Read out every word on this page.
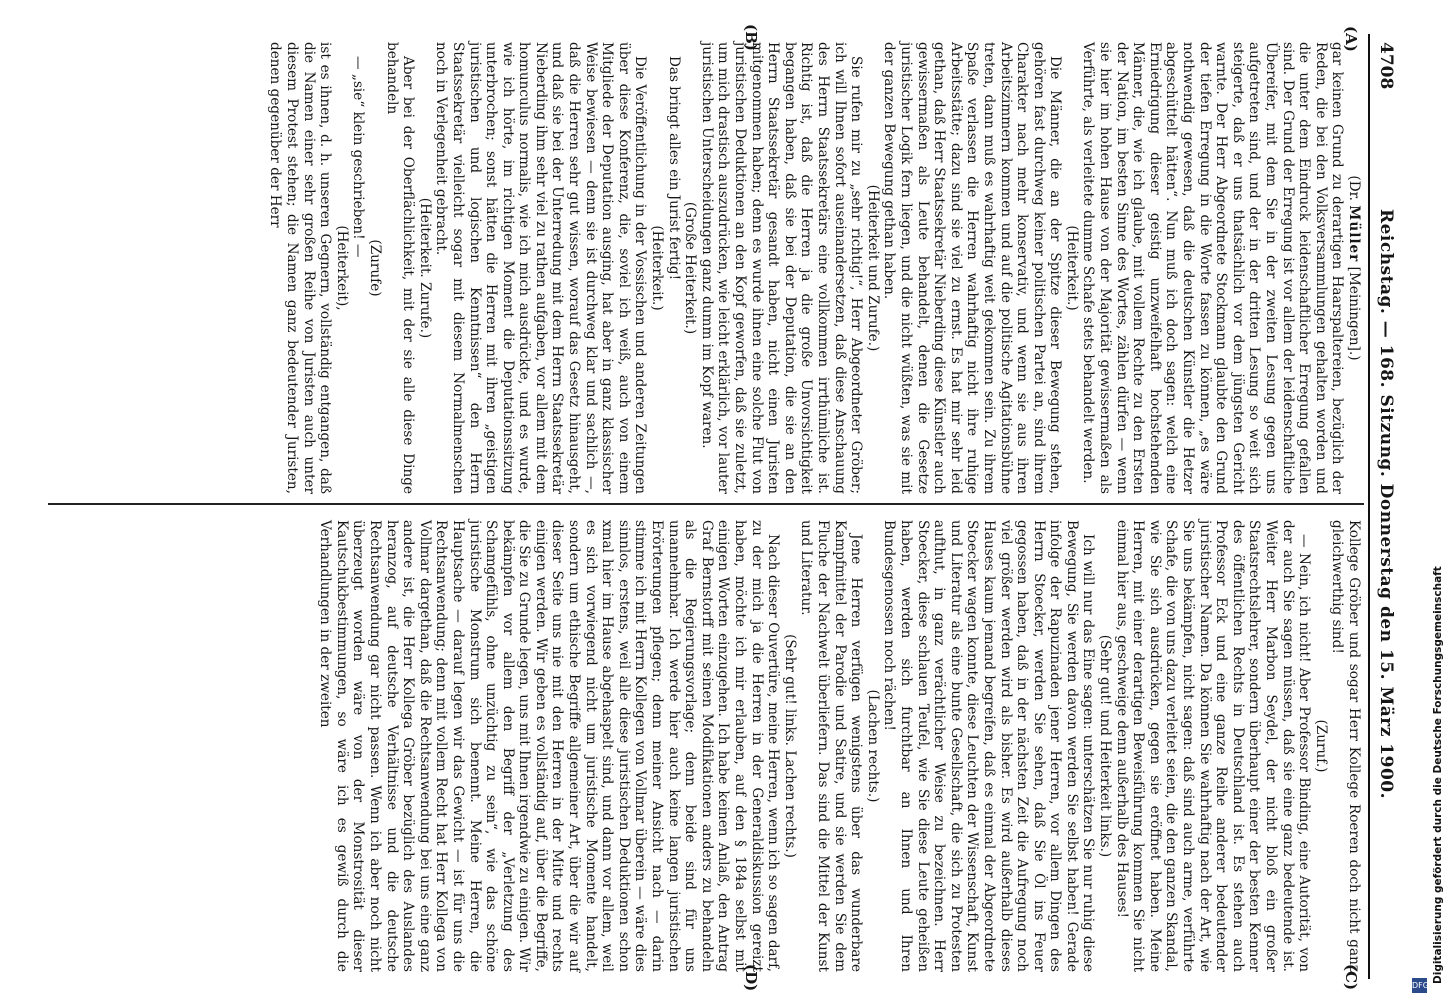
4708
Reichstag. — 168. Sitzung. Donnerstag den 15. März 1900.
(A)
(B)
(C)
(D)

(Dr. Müller [Meiningen].)

gar keinen Grund zu derartigen Haarspaltereien, bezüglich der Reden, die bei den Volksversammlungen gehalten worden und die unter dem Eindruck leidenschaftlicher Erregung gefallen sind. Der Grund der Erregung ist vor allem der leidenschaftliche Übereifer, mit dem Sie in der zweiten Lesung gegen uns aufgetreten sind, und der in der dritten Lesung so weit sich steigerte, daß er uns thatsächlich vor dem jüngsten Gericht warnte. Der Herr Abgeordnete Stockmann glaubte den Grund der tiefen Erregung in die Worte fassen zu können, „es wäre nothwendig gewesen, daß die deutschen Künstler die Hetzer abgeschüttelt hätten“. Nun muß ich doch sagen: welch eine Erniedrigung dieser geistig unzweifelhaft hochstehenden Männer, die, wie ich glaube, mit vollem Rechte zu den Ersten der Nation, im besten Sinne des Wortes, zählen dürfen — wenn sie hier im hohen Hause von der Majorität gewissermaßen als Verführte, als verleitete dumme Schafe stets behandelt werden.

(Heiterkeit.)

Die Männer, die an der Spitze dieser Bewegung stehen, gehören fast durchweg keiner politischen Partei an, sind ihrem Charakter nach mehr konservativ, und wenn sie aus ihren Arbeitszimmern kommen und auf die politische Agitationsbühne treten, dann muß es wahrhaftig weit gekommen sein. Zu ihrem Spaße verlassen die Herren wahrhaftig nicht ihre ruhige Arbeitsstätte; dazu sind sie viel zu ernst. Es hat mir sehr leid gethan, daß Herr Staatssekretär Nieberding diese Künstler auch gewissermaßen als Leute behandelt, denen die Gesetze juristischer Logik fern liegen, und die nicht wüßten, was sie mit der ganzen Bewegung gethan haben.

(Heiterkeit und Zurufe.)

Sie rufen mir zu „sehr richtig!“, Herr Abgeordneter Gröber; ich will Ihnen sofort auseinandersetzen, daß diese Anschauung des Herrn Staatssekretärs eine vollkommen irrthümliche ist. Richtig ist, daß die Herren ja die große Unvorsichtigkeit begangen haben, daß sie bei der Deputation, die sie an den Herrn Staatssekretär gesandt haben, nicht einen Juristen mitgenommen haben; denn es wurde ihnen eine solche Flut von juristischen Deduktionen an den Kopf geworfen, daß sie zuletzt, um mich drastisch auszudrücken, wie leicht erklärlich, vor lauter juristischen Unterscheidungen ganz dumm im Kopf waren.

(Große Heiterkeit.)

Das bringt alles ein Jurist fertig!

(Heiterkeit.)

Die Veröffentlichung in der Vossischen und anderen Zeitungen über diese Konferenz, die, soviel ich weiß, auch von einem Mitgliede der Deputation ausging, hat aber in ganz klassischer Weise bewiesen — denn sie ist durchweg klar und sachlich —, daß die Herren sehr gut wissen, worauf das Gesetz hinausgeht, und daß sie bei der Unterredung mit dem Herrn Staatssekretär Nieberding ihm sehr viel zu rathen aufgaben, vor allem mit dem homunculus normalis, wie ich mich ausdrückte, und es wurde, wie ich hörte, im richtigen Moment die Deputationssitzung unterbrochen; sonst hätten die Herren mit ihren „geistigen juristischen und logischen Kenntnissen“ den Herrn Staatssekretär vielleicht sogar mit diesem Normalmenschen noch in Verlegenheit gebracht.

(Heiterkeit. Zurufe.)

Aber bei der Oberflächlichkeit, mit der sie alle diese Dinge behandeln

(Zurufe)

— „sie“ klein geschrieben! —

(Heiterkeit),

ist es ihnen, d. h. unseren Gegnern, vollständig entgangen, daß die Namen einer sehr großen Reihe von Juristen auch unter diesem Protest stehen; die Namen ganz bedeutender Juristen, denen gegenüber der Herr

Kollege Gröber und sogar Herr Kollege Roeren doch nicht ganz gleichwerthig sind!

(Zuruf.)

— Nein, ich nicht! Aber Professor Binding, eine Autorität, von der auch Sie sagen müssen, daß sie eine ganz bedeutende ist. Weiter Herr Marbon Seydel, der nicht bloß ein großer Staatsrechtslehrer, sondern überhaupt einer der besten Kenner des öffentlichen Rechts in Deutschland ist. Es stehen auch Professor Eck und eine ganze Reihe anderer bedeutender juristischer Namen. Da können Sie wahrhaftig nach der Art, wie Sie uns bekämpfen, nicht sagen: daß sind auch arme, verführte Schafe, die von uns dazu verleitet seien, die den ganzen Skandal, wie Sie sich ausdrücken, gegen sie eröffnet haben. Meine Herren, mit einer derartigen Beweisführung kommen Sie nicht einmal hier aus, geschweige denn außerhalb des Hauses!

(Sehr gut! und Heiterkeit links.)

Ich will nur das Eine sagen: unterschätzen Sie nur ruhig diese Bewegung, Sie werden davon werden Sie selbst haben! Gerade infolge der Rapuzinaden jener Herren, vor allem Dingen des Herrn Stoecker, werden Sie sehen, daß Sie Öl ins Feuer gegossen haben, daß in der nächsten Zeit die Aufregung noch viel größer werden wird als bisher. Es wird außerhalb dieses Hauses kaum jemand begreifen, daß es einmal der Abgeordnete Stoecker wagen konnte, diese Leuchten der Wissenschaft, Kunst und Literatur als eine bunte Gesellschaft, die sich zu Protesten aufthut, in ganz verächtlicher Weise zu bezeichnen. Herr Stoecker, diese schlauen Teufel, wie Sie diese Leute geheißen haben, werden sich furchtbar an Ihnen und Ihren Bundesgenossen noch rächen!

(Lachen rechts.)

Jene Herren verfügen wenigstens über das wunderbare Kampfmittel der Parodie und Satire, und sie werden Sie dem Fluche der Nachwelt überliefern. Das sind die Mittel der Kunst und Literatur.

(Sehr gut! links. Lachen rechts.)

Nach dieser Ouvertüre, meine Herren, wenn ich so sagen darf, zu der mich ja die Herren in der Generaldiskussion gereizt haben, möchte ich mir erlauben, auf den § 184a selbst mit einigen Worten einzugehen. Ich habe keinen Anlaß, den Antrag Graf Bernstorff mit seinen Modifikationen anders zu behandeln als die Regierungsvorlage; denn beide sind für uns unannehmbar. Ich werde hier auch keine langen juristischen Erörterungen pflegen; denn meiner Ansicht nach — darin stimme ich mit Herrn Kollegen von Vollmar überein — wäre dies sinnlos, erstens, weil alle diese juristischen Deduktionen schon xmal hier im Hause abgehaspelt sind, und dann vor allem, weil es sich vorwiegend nicht um juristische Momente handelt, sondern um ethische Begriffe allgemeiner Art, über die wir auf dieser Seite uns nie mit den Herren in der Mitte und rechts einigen werden. Wir geben es vollständig auf, über die Begriffe, die Sie zu Grunde legen, uns mit Ihnen irgendwie zu einigen. Wir bekämpfen vor allem den Begriff der „Verletzung des Schamgefühls, ohne unzüchtig zu sein“, wie das schöne juristische Monstrum sich benennt. Meine Herren, die Hauptsache — darauf legen wir das Gewicht — ist für uns die Rechtsanwendung; denn mit vollem Recht hat Herr Kollega von Vollmar dargethan, daß die Rechtsanwendung bei uns eine ganz andere ist, die Herr Kollega Gröber bezüglich des Auslandes heranzog, auf deutsche Verhältnisse und die deutsche Rechtsanwendung gar nicht passen. Wenn ich aber noch nicht überzeugt worden wäre von der Monstrosität dieser Kautschukbestimmungen, so wäre ich es gewiß durch die Verhandlungen in der zweiten	Digitalisierung gefördert durch die Deutsche Forschungsgemeinschaft
DFG
